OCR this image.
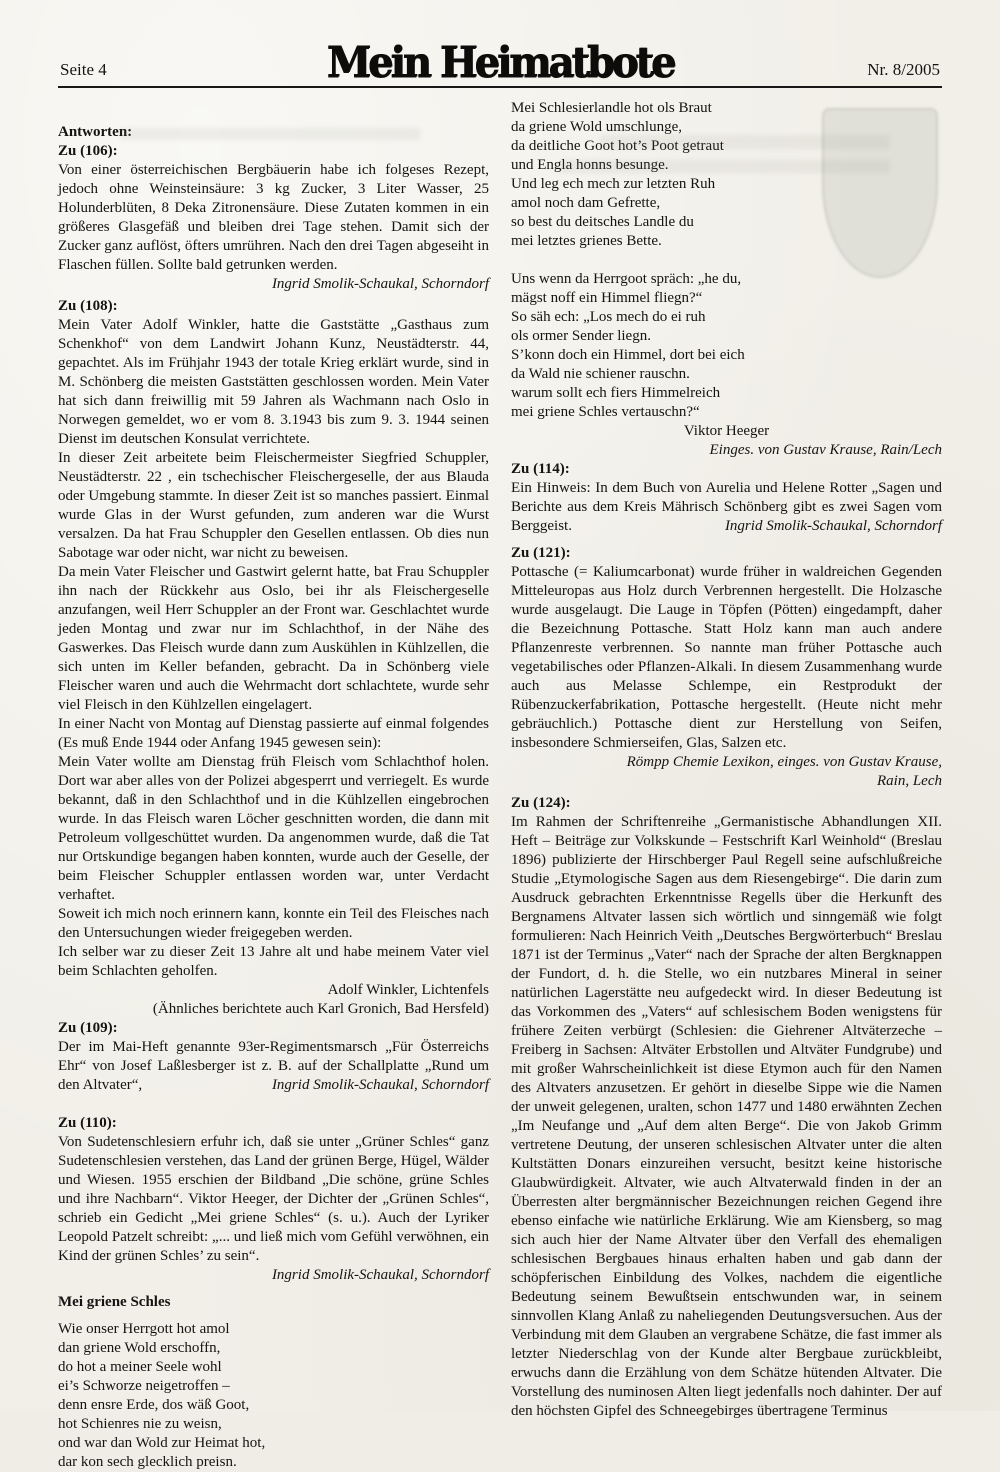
Seite 4	Mein Heimatbote	Nr. 8/2005

Antworten:

Zu (106):

Von einer österreichischen Bergbäuerin habe ich folgeses Rezept, jedoch ohne Weinsteinsäure: 3 kg Zucker, 3 Liter Wasser, 25 Holunderblüten, 8 Deka Zitronensäure. Diese Zutaten kommen in ein größeres Glasgefäß und bleiben drei Tage stehen. Damit sich der Zucker ganz auflöst, öfters umrühren. Nach den drei Tagen abgeseiht in Flaschen füllen. Sollte bald getrunken werden.

Ingrid Smolik-Schaukal, Schorndorf

Zu (108):

Mein Vater Adolf Winkler, hatte die Gaststätte „Gasthaus zum Schenkhof“ von dem Landwirt Johann Kunz, Neustädterstr. 44, gepachtet. Als im Frühjahr 1943 der totale Krieg erklärt wurde, sind in M. Schönberg die meisten Gaststätten geschlossen worden. Mein Vater hat sich dann freiwillig mit 59 Jahren als Wachmann nach Oslo in Norwegen gemeldet, wo er vom 8. 3.1943 bis zum 9. 3. 1944 seinen Dienst im deutschen Konsulat verrichtete.

In dieser Zeit arbeitete beim Fleischermeister Siegfried Schuppler, Neustädterstr. 22 , ein tschechischer Fleischergeselle, der aus Blauda oder Umgebung stammte. In dieser Zeit ist so manches passiert. Einmal wurde Glas in der Wurst gefunden, zum anderen war die Wurst versalzen. Da hat Frau Schuppler den Gesellen entlassen. Ob dies nun Sabotage war oder nicht, war nicht zu beweisen.

Da mein Vater Fleischer und Gastwirt gelernt hatte, bat Frau Schuppler ihn nach der Rückkehr aus Oslo, bei ihr als Fleischergeselle anzufangen, weil Herr Schuppler an der Front war. Geschlachtet wurde jeden Montag und zwar nur im Schlachthof, in der Nähe des Gaswerkes. Das Fleisch wurde dann zum Auskühlen in Kühlzellen, die sich unten im Keller befanden, gebracht. Da in Schönberg viele Fleischer waren und auch die Wehrmacht dort schlachtete, wurde sehr viel Fleisch in den Kühlzellen eingelagert.

In einer Nacht von Montag auf Dienstag passierte auf einmal folgendes (Es muß Ende 1944 oder Anfang 1945 gewesen sein):

Mein Vater wollte am Dienstag früh Fleisch vom Schlachthof holen. Dort war aber alles von der Polizei abgesperrt und verriegelt. Es wurde bekannt, daß in den Schlachthof und in die Kühlzellen eingebrochen wurde. In das Fleisch waren Löcher geschnitten worden, die dann mit Petroleum vollgeschüttet wurden. Da angenommen wurde, daß die Tat nur Ortskundige begangen haben konnten, wurde auch der Geselle, der beim Fleischer Schuppler entlassen worden war, unter Verdacht verhaftet.

Soweit ich mich noch erinnern kann, konnte ein Teil des Fleisches nach den Untersuchungen wieder freigegeben werden.

Ich selber war zu dieser Zeit 13 Jahre alt und habe meinem Vater viel beim Schlachten geholfen.

Adolf Winkler, Lichtenfels

(Ähnliches berichtete auch Karl Gronich, Bad Hersfeld)

Zu (109):

Der im Mai-Heft genannte 93er-Regimentsmarsch „Für Österreichs Ehr“ von Josef Laßlesberger ist z. B. auf der Schallplatte „Rund um den Altvater“,	Ingrid Smolik-Schaukal, Schorndorf

Zu (110):

Von Sudetenschlesiern erfuhr ich, daß sie unter „Grüner Schles“ ganz Sudetenschlesien verstehen, das Land der grünen Berge, Hügel, Wälder und Wiesen. 1955 erschien der Bildband „Die schöne, grüne Schles und ihre Nachbarn“. Viktor Heeger, der Dichter der „Grünen Schles“, schrieb ein Gedicht „Mei griene Schles“ (s. u.). Auch der Lyriker Leopold Patzelt schreibt: „... und ließ mich vom Gefühl verwöhnen, ein Kind der grünen Schles’ zu sein“.

Ingrid Smolik-Schaukal, Schorndorf

Mei griene Schles

Wie onser Herrgott hot amol

dan griene Wold erschoffn,

do hot a meiner Seele wohl

ei’s Schworze neigetroffen –

denn ensre Erde, dos wäß Goot,

hot Schienres nie zu weisn,

ond war dan Wold zur Heimat hot,

dar kon sech glecklich preisn.

Mei Schlesierlandle hot ols Braut

da griene Wold umschlunge,

da deitliche Goot hot’s Poot getraut

und Engla honns besunge.

Und leg ech mech zur letzten Ruh

amol noch dam Gefrette,

so best du deitsches Landle du

mei letztes grienes Bette.

Uns wenn da Herrgoot spräch: „he du,

mägst noff ein Himmel fliegn?“

So säh ech: „Los mech do ei ruh

ols ormer Sender liegn.

S’konn doch ein Himmel, dort bei eich

da Wald nie schiener rauschn.

warum sollt ech fiers Himmelreich

mei griene Schles vertauschn?“

Viktor Heeger

Einges. von Gustav Krause, Rain/Lech

Zu (114):

Ein Hinweis: In dem Buch von Aurelia und Helene Rotter „Sagen und Berichte aus dem Kreis Mährisch Schönberg gibt es zwei Sagen vom Berggeist.	Ingrid Smolik-Schaukal, Schorndorf

Zu (121):

Pottasche (= Kaliumcarbonat) wurde früher in waldreichen Gegenden Mitteleuropas aus Holz durch Verbrennen hergestellt. Die Holzasche wurde ausgelaugt. Die Lauge in Töpfen (Pötten) eingedampft, daher die Bezeichnung Pottasche. Statt Holz kann man auch andere Pflanzenreste verbrennen. So nannte man früher Pottasche auch vegetabilisches oder Pflanzen-Alkali. In diesem Zusammenhang wurde auch aus Melasse Schlempe, ein Restprodukt der Rübenzuckerfabrikation, Pottasche hergestellt. (Heute nicht mehr gebräuchlich.) Pottasche dient zur Herstellung von Seifen, insbesondere Schmierseifen, Glas, Salzen etc.

Römpp Chemie Lexikon, einges. von Gustav Krause,

Rain, Lech

Zu (124):

Im Rahmen der Schriftenreihe „Germanistische Abhandlungen XII. Heft – Beiträge zur Volkskunde – Festschrift Karl Weinhold“ (Breslau 1896) publizierte der Hirschberger Paul Regell seine aufschlußreiche Studie „Etymologische Sagen aus dem Riesengebirge“. Die darin zum Ausdruck gebrachten Erkenntnisse Regells über die Herkunft des Bergnamens Altvater lassen sich wörtlich und sinngemäß wie folgt formulieren: Nach Heinrich Veith „Deutsches Bergwörterbuch“ Breslau 1871 ist der Terminus „Vater“ nach der Sprache der alten Bergknappen der Fundort, d. h. die Stelle, wo ein nutzbares Mineral in seiner natürlichen Lagerstätte neu aufgedeckt wird. In dieser Bedeutung ist das Vorkommen des „Vaters“ auf schlesischem Boden wenigstens für frühere Zeiten verbürgt (Schlesien: die Giehrener Altväterzeche – Freiberg in Sachsen: Altväter Erbstollen und Altväter Fundgrube) und mit großer Wahrscheinlichkeit ist diese Etymon auch für den Namen des Altvaters anzusetzen. Er gehört in dieselbe Sippe wie die Namen der unweit gelegenen, uralten, schon 1477 und 1480 erwähnten Zechen „Im Neufange und „Auf dem alten Berge“. Die von Jakob Grimm vertretene Deutung, der unseren schlesischen Altvater unter die alten Kultstätten Donars einzureihen versucht, besitzt keine historische Glaubwürdigkeit. Altvater, wie auch Altvaterwald finden in der an Überresten alter bergmännischer Bezeichnungen reichen Gegend ihre ebenso einfache wie natürliche Erklärung. Wie am Kiensberg, so mag sich auch hier der Name Altvater über den Verfall des ehemaligen schlesischen Bergbaues hinaus erhalten haben und gab dann der schöpferischen Einbildung des Volkes, nachdem die eigentliche Bedeutung seinem Bewußtsein entschwunden war, in seinem sinnvollen Klang Anlaß zu naheliegenden Deutungsversuchen. Aus der Verbindung mit dem Glauben an vergrabene Schätze, die fast immer als letzter Niederschlag von der Kunde alter Bergbaue zurückbleibt, erwuchs dann die Erzählung von dem Schätze hütenden Altvater. Die Vorstellung des numinosen Alten liegt jedenfalls noch dahinter. Der auf den höchsten Gipfel des Schneegebirges übertragene Terminus
